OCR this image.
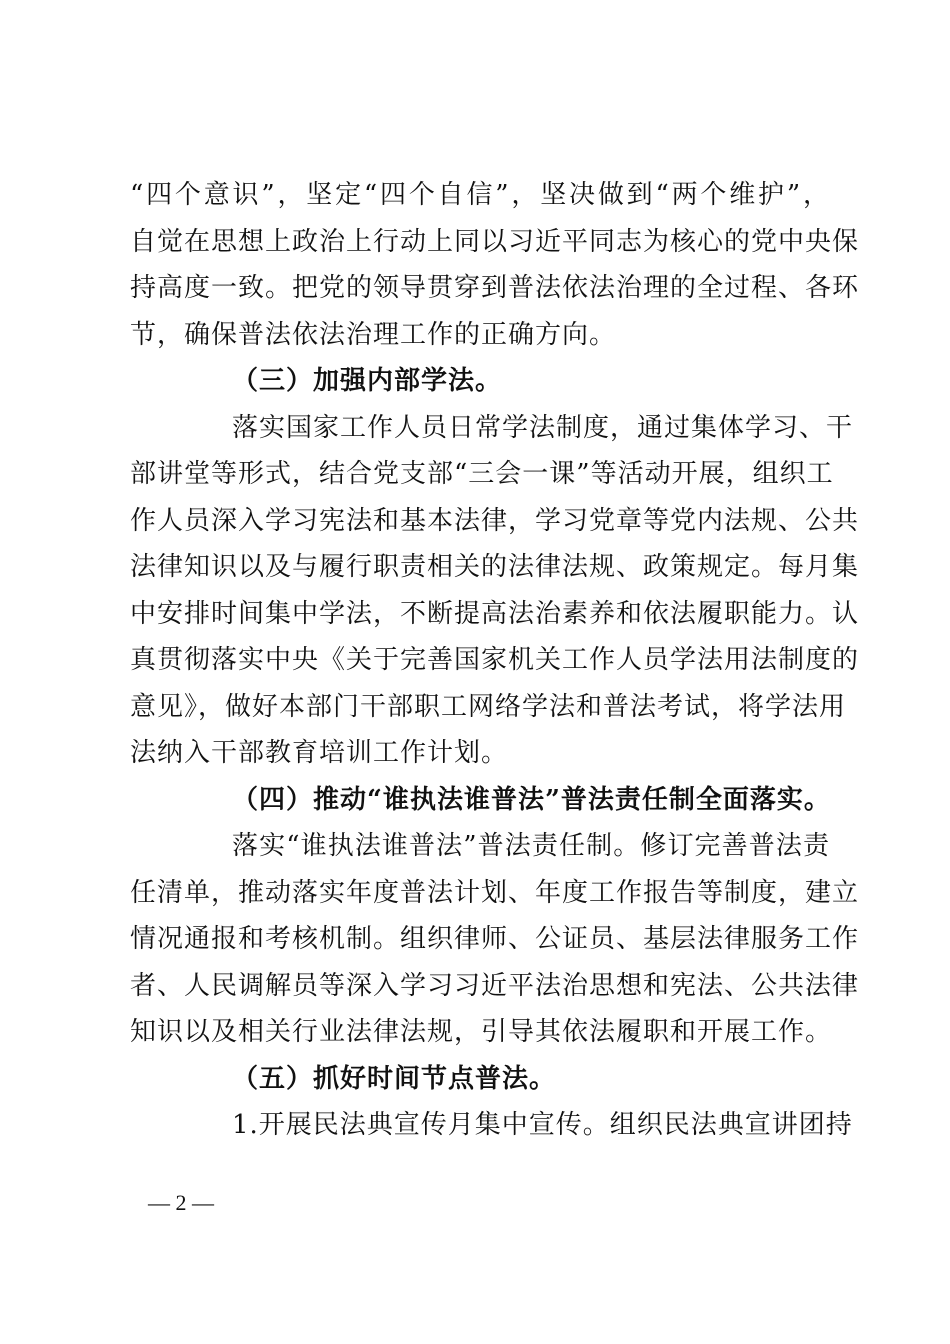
“四个意识”，坚定“四个自信”，坚决做到“两个维护”，
自觉在思想上政治上行动上同以习近平同志为核心的党中央保
持高度一致。把党的领导贯穿到普法依法治理的全过程、各环
节，确保普法依法治理工作的正确方向。
（三）加强内部学法。
落实国家工作人员日常学法制度，通过集体学习、干
部讲堂等形式，结合党支部“三会一课”等活动开展，组织工
作人员深入学习宪法和基本法律，学习党章等党内法规、公共
法律知识以及与履行职责相关的法律法规、政策规定。每月集
中安排时间集中学法，不断提高法治素养和依法履职能力。认
真贯彻落实中央《关于完善国家机关工作人员学法用法制度的
意见》，做好本部门干部职工网络学法和普法考试，将学法用
法纳入干部教育培训工作计划。
（四）推动“谁执法谁普法”普法责任制全面落实。
落实“谁执法谁普法”普法责任制。修订完善普法责
任清单，推动落实年度普法计划、年度工作报告等制度，建立
情况通报和考核机制。组织律师、公证员、基层法律服务工作
者、人民调解员等深入学习习近平法治思想和宪法、公共法律
知识以及相关行业法律法规，引导其依法履职和开展工作。
（五）抓好时间节点普法。
1.开展民法典宣传月集中宣传。组织民法典宣讲团持
— 2 —
